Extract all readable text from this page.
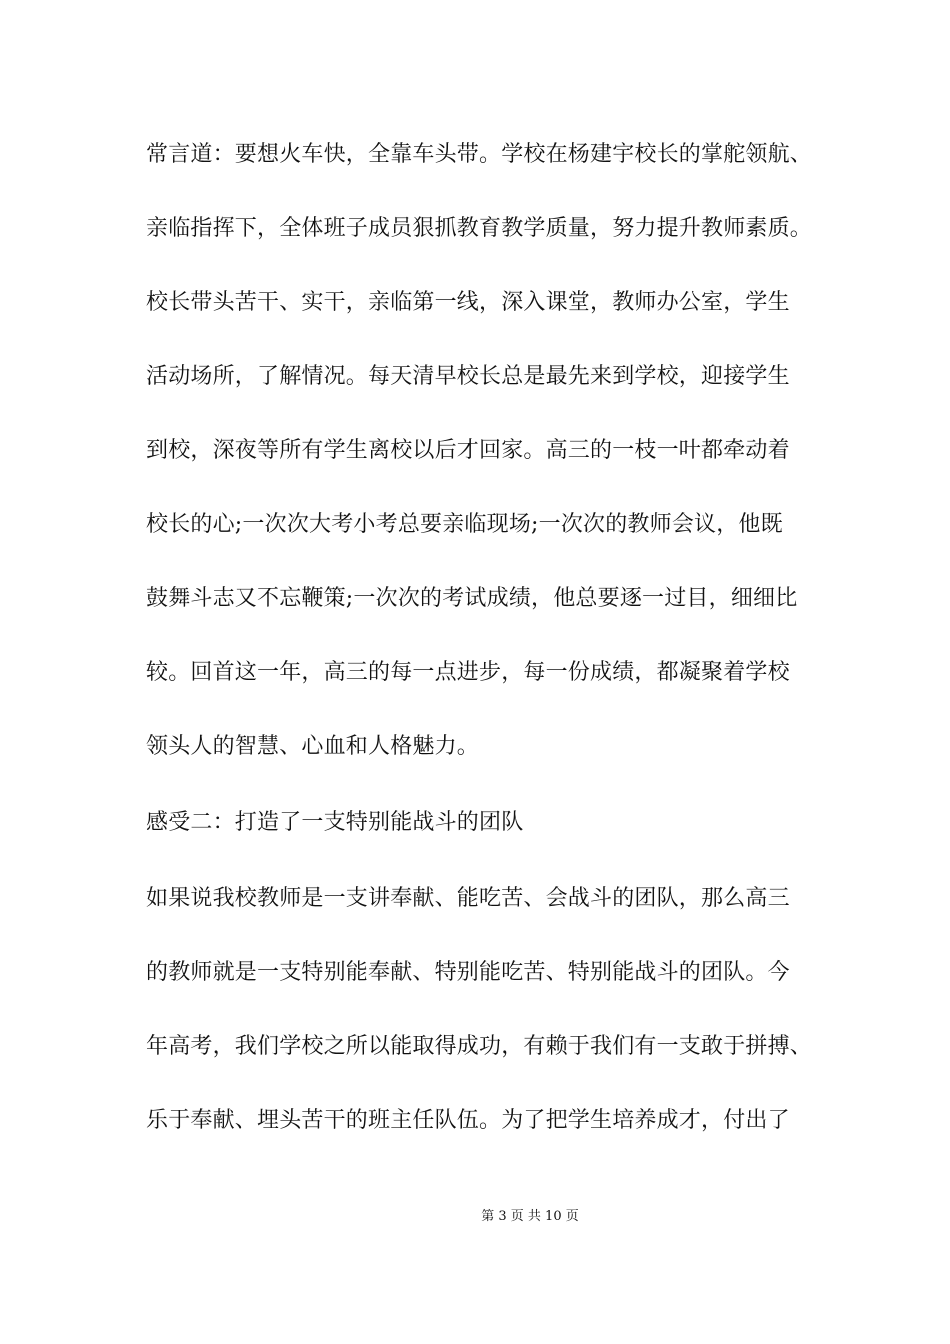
常言道：要想火车快，全靠车头带。学校在杨建宇校长的掌舵领航、
亲临指挥下，全体班子成员狠抓教育教学质量，努力提升教师素质。
校长带头苦干、实干，亲临第一线，深入课堂，教师办公室，学生
活动场所，了解情况。每天清早校长总是最先来到学校，迎接学生
到校，深夜等所有学生离校以后才回家。高三的一枝一叶都牵动着
校长的心;一次次大考小考总要亲临现场;一次次的教师会议，他既
鼓舞斗志又不忘鞭策;一次次的考试成绩，他总要逐一过目，细细比
较。回首这一年，高三的每一点进步，每一份成绩，都凝聚着学校
领头人的智慧、心血和人格魅力。
感受二：打造了一支特别能战斗的团队
如果说我校教师是一支讲奉献、能吃苦、会战斗的团队，那么高三
的教师就是一支特别能奉献、特别能吃苦、特别能战斗的团队。今
年高考，我们学校之所以能取得成功，有赖于我们有一支敢于拼搏、
乐于奉献、埋头苦干的班主任队伍。为了把学生培养成才，付出了
第 3 页 共 10 页
